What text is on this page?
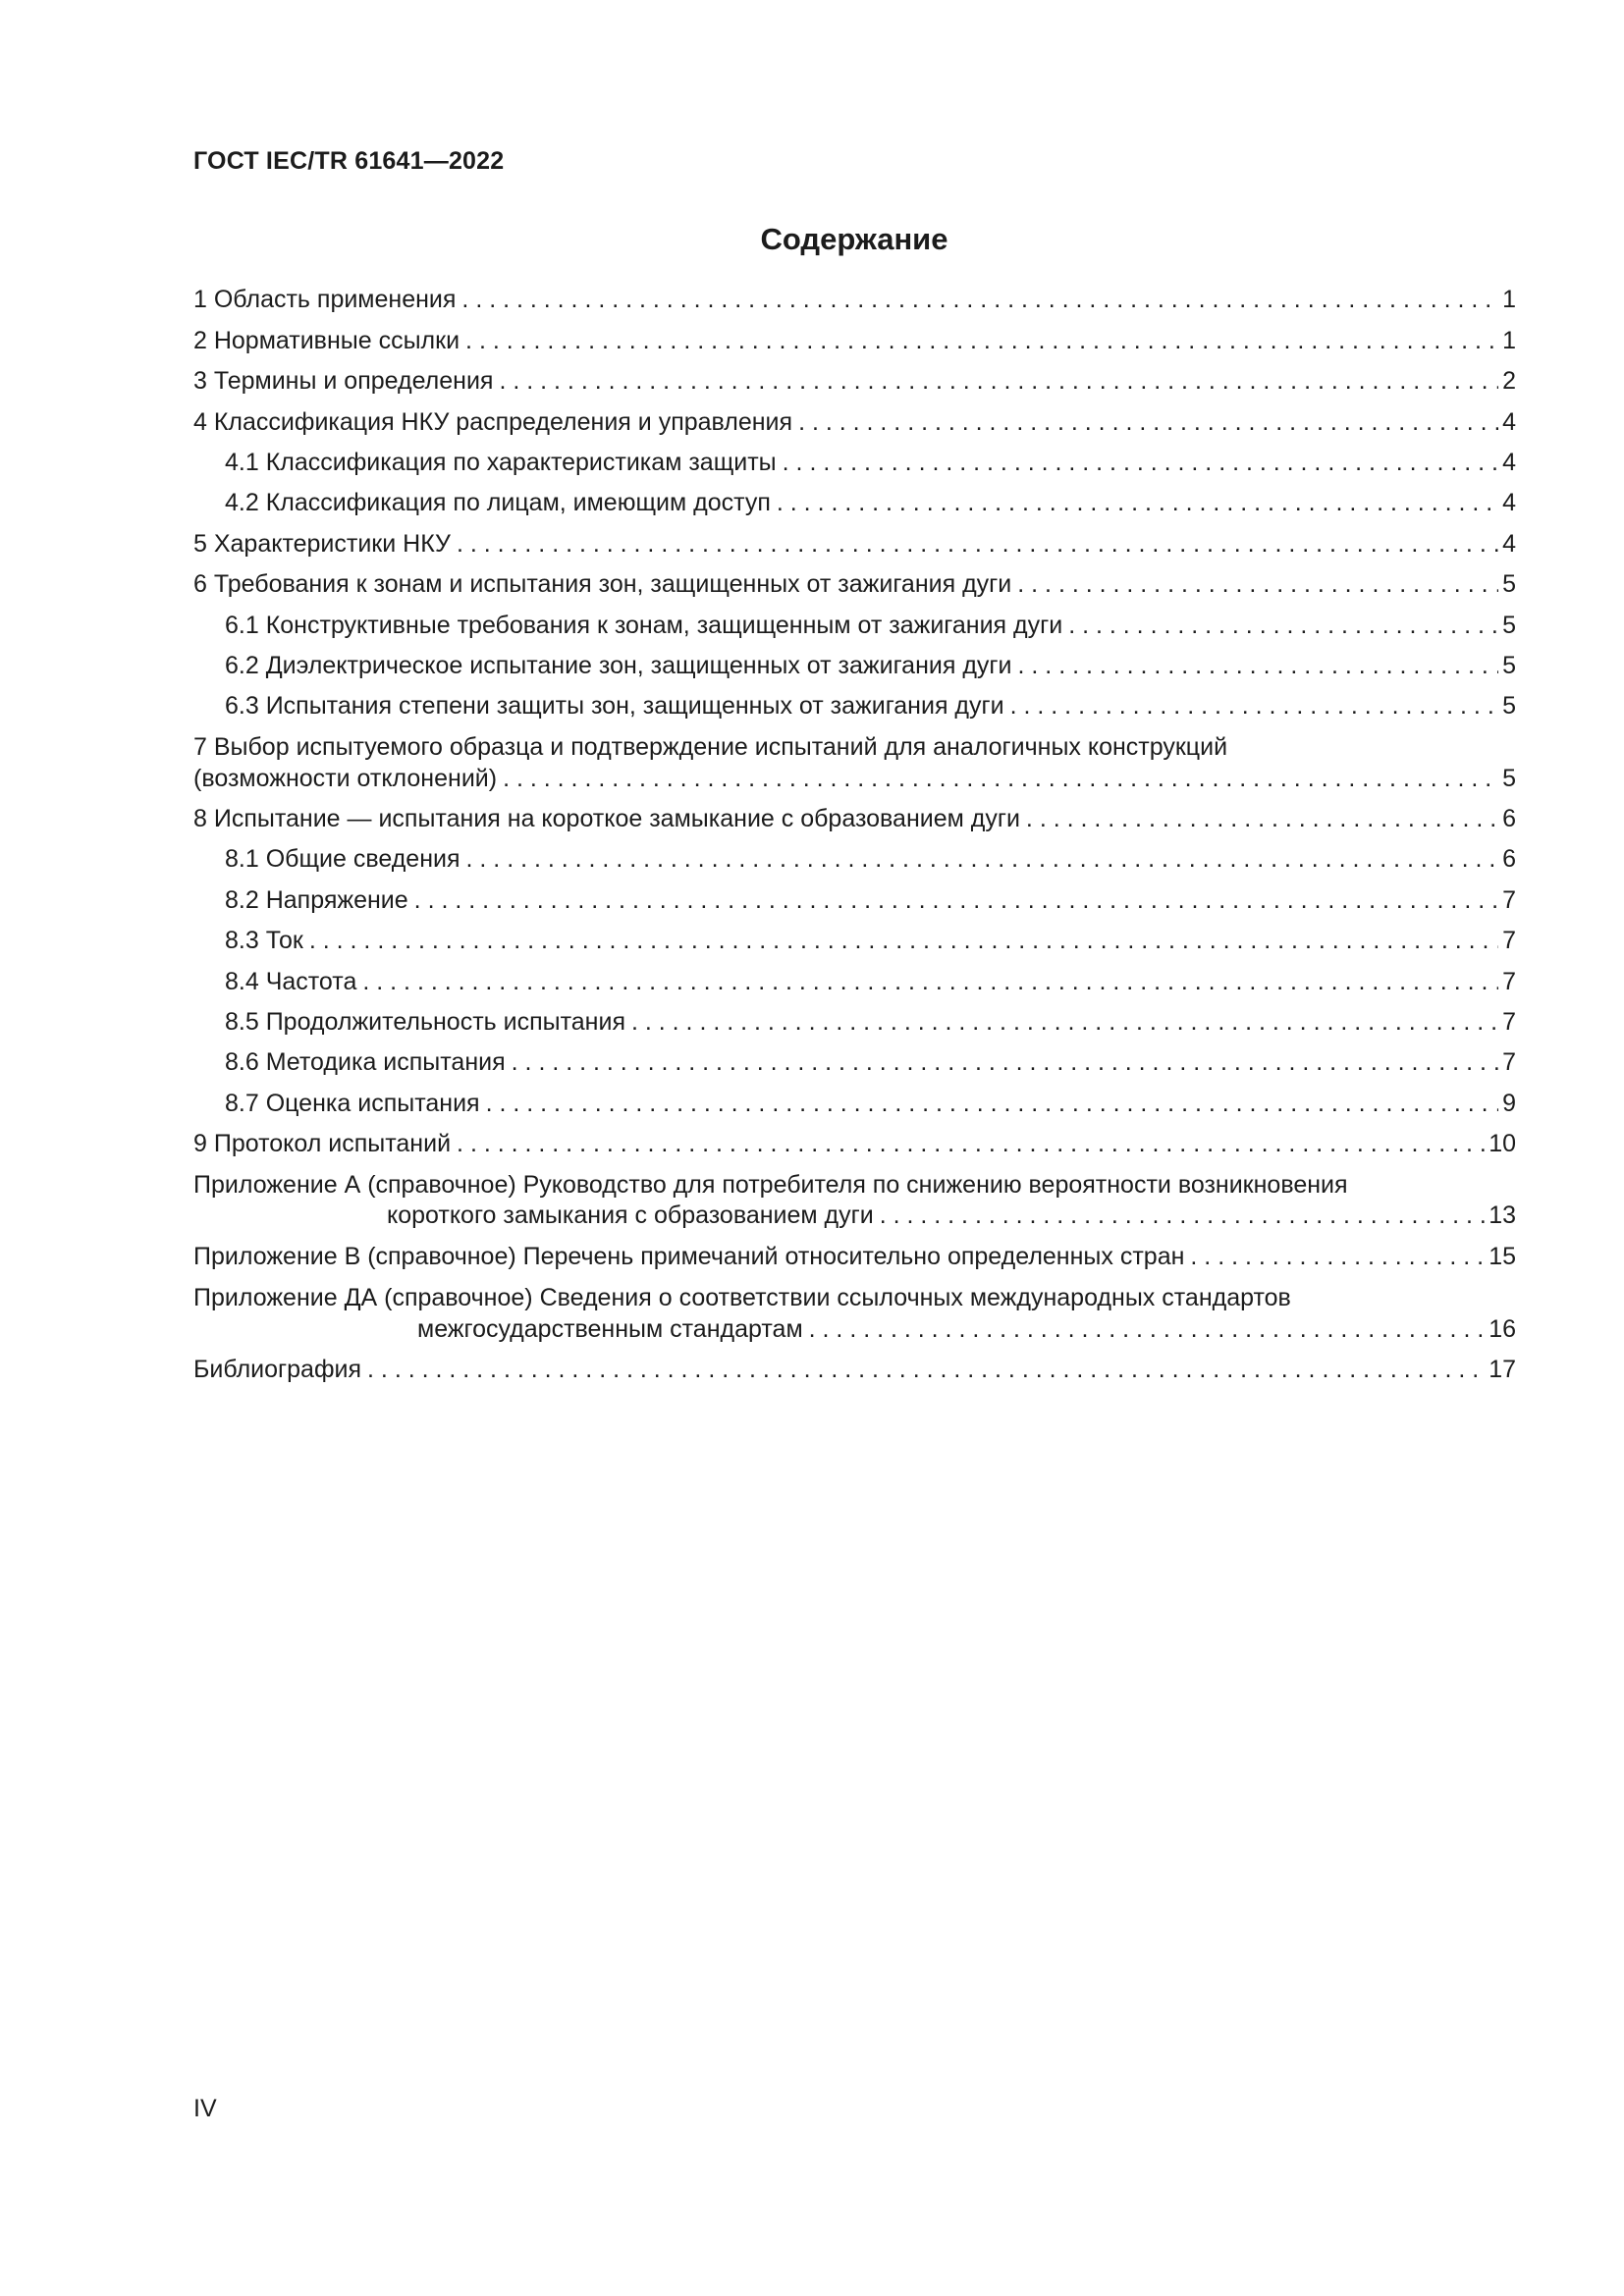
ГОСТ IEC/TR 61641—2022
Содержание
1 Область применения . . .	1
2 Нормативные ссылки . . .	1
3 Термины и определения . . .	2
4 Классификация НКУ распределения и управления . . .	4
4.1 Классификация по характеристикам защиты . . .	4
4.2 Классификация по лицам, имеющим доступ . . .	4
5 Характеристики НКУ . . .	4
6 Требования к зонам и испытания зон, защищенных от зажигания дуги . . .	5
6.1 Конструктивные требования к зонам, защищенным от зажигания дуги . . .	5
6.2 Диэлектрическое испытание зон, защищенных от зажигания дуги . . .	5
6.3 Испытания степени защиты зон, защищенных от зажигания дуги . . .	5
7 Выбор испытуемого образца и подтверждение испытаний для аналогичных конструкций
(возможности отклонений) . . .	5
8 Испытание — испытания на короткое замыкание с образованием дуги . . .	6
8.1 Общие сведения . . .	6
8.2 Напряжение . . .	7
8.3 Ток . . .	7
8.4 Частота . . .	7
8.5 Продолжительность испытания . . .	7
8.6 Методика испытания . . .	7
8.7 Оценка испытания . . .	9
9 Протокол испытаний . . .	10
Приложение А (справочное) Руководство для потребителя по снижению вероятности возникновения
короткого замыкания с образованием дуги . . .	13
Приложение В (справочное) Перечень примечаний относительно определенных стран . . .	15
Приложение ДА (справочное) Сведения о соответствии ссылочных международных стандартов
межгосударственным стандартам . . .	16
Библиография . . .	17
IV
